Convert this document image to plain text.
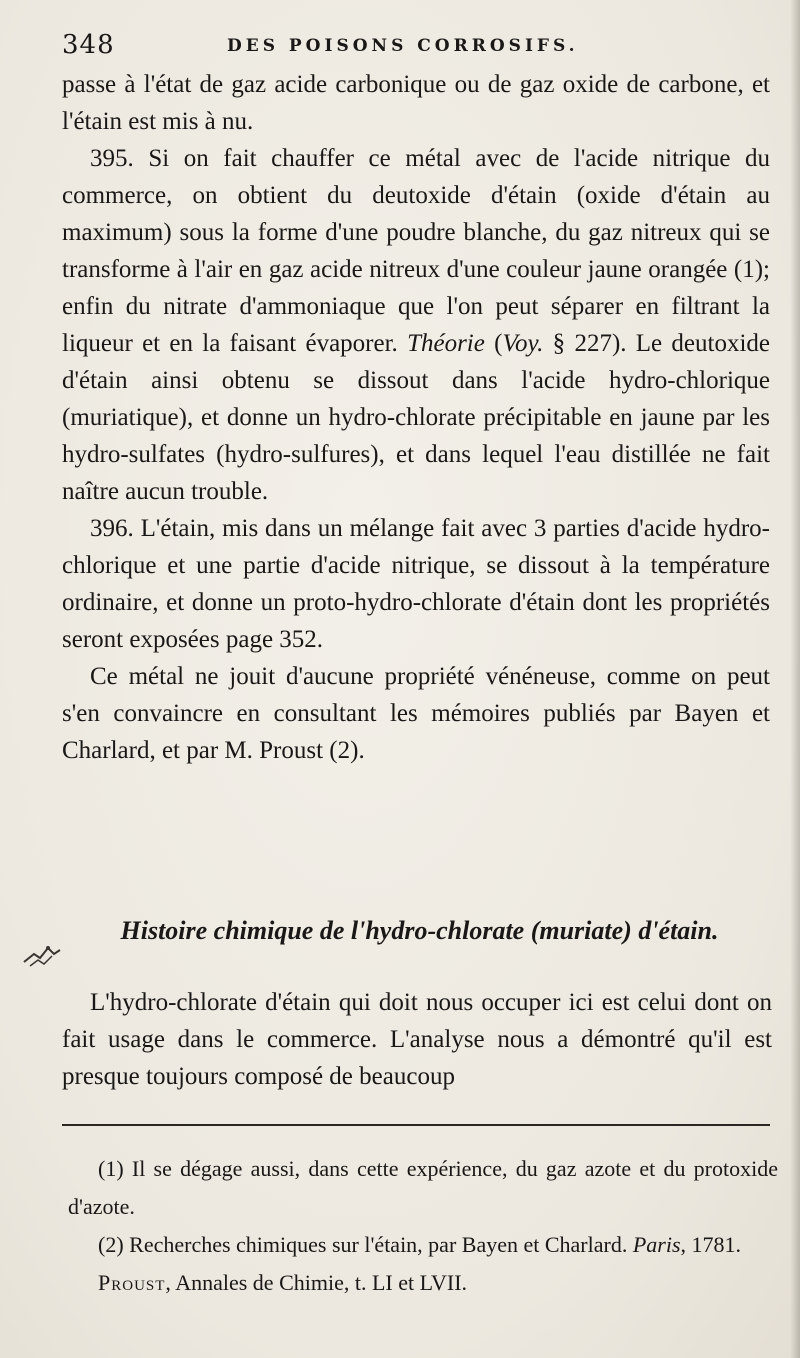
348	DES POISONS CORROSIFS.

passe à l'état de gaz acide carbonique ou de gaz oxide de carbone, et l'étain est mis à nu.

395. Si on fait chauffer ce métal avec de l'acide nitrique du commerce, on obtient du deutoxide d'étain (oxide d'étain au maximum) sous la forme d'une poudre blanche, du gaz nitreux qui se transforme à l'air en gaz acide nitreux d'une couleur jaune orangée (1); enfin du nitrate d'ammoniaque que l'on peut séparer en filtrant la liqueur et en la faisant évaporer. Théorie (Voy. § 227). Le deutoxide d'étain ainsi obtenu se dissout dans l'acide hydro-chlorique (muriatique), et donne un hydro-chlorate précipitable en jaune par les hydro-sulfates (hydro-sulfures), et dans lequel l'eau distillée ne fait naître aucun trouble.

396. L'étain, mis dans un mélange fait avec 3 parties d'acide hydro-chlorique et une partie d'acide nitrique, se dissout à la température ordinaire, et donne un proto-hydro-chlorate d'étain dont les propriétés seront exposées page 352.

Ce métal ne jouit d'aucune propriété vénéneuse, comme on peut s'en convaincre en consultant les mémoires publiés par Bayen et Charlard, et par M. Proust (2).

Histoire chimique de l'hydro-chlorate (muriate) d'étain.

L'hydro-chlorate d'étain qui doit nous occuper ici est celui dont on fait usage dans le commerce. L'analyse nous a démontré qu'il est presque toujours composé de beaucoup

(1) Il se dégage aussi, dans cette expérience, du gaz azote et du protoxide d'azote.

(2) Recherches chimiques sur l'étain, par Bayen et Charlard. Paris, 1781.

Proust, Annales de Chimie, t. LI et LVII.
